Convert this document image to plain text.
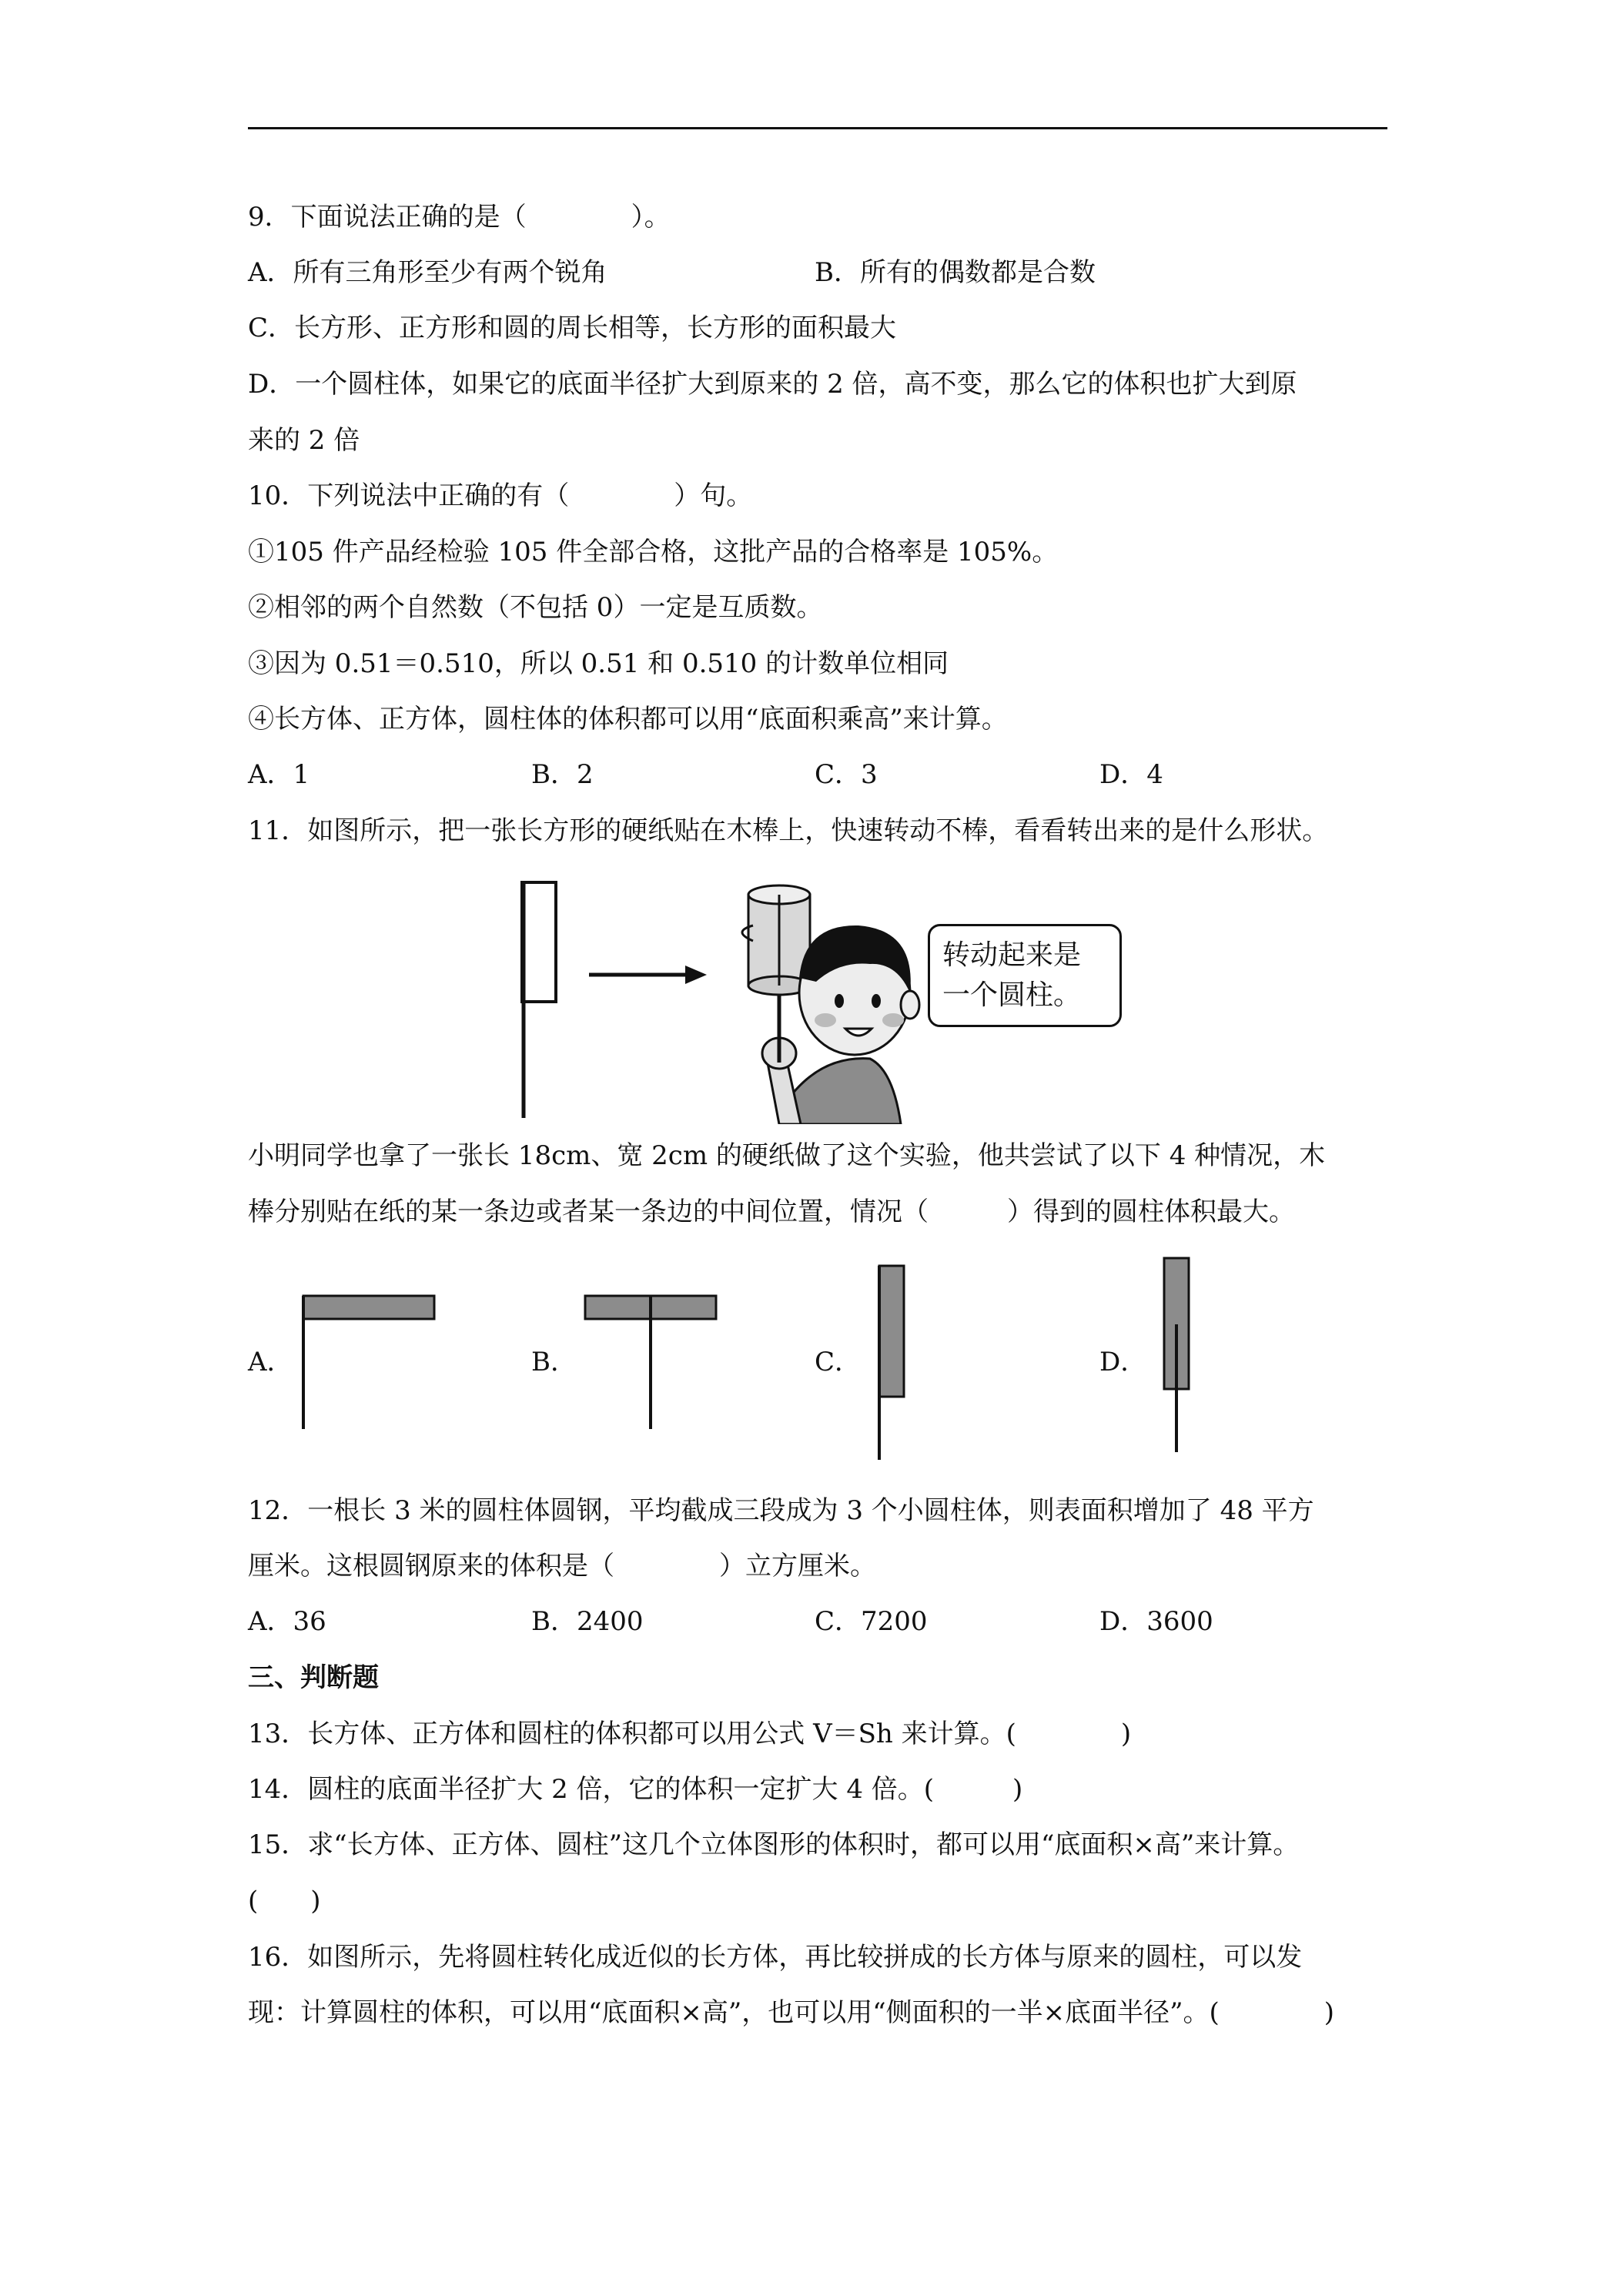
9．下面说法正确的是（　　　　）。
A．所有三角形至少有两个锐角	B．所有的偶数都是合数
C．长方形、正方形和圆的周长相等，长方形的面积最大
D．一个圆柱体，如果它的底面半径扩大到原来的 2 倍，高不变，那么它的体积也扩大到原
来的 2 倍
10．下列说法中正确的有（　　　　）句。
①105 件产品经检验 105 件全部合格，这批产品的合格率是 105%。
②相邻的两个自然数（不包括 0）一定是互质数。
③因为 0.51＝0.510，所以 0.51 和 0.510 的计数单位相同
④长方体、正方体，圆柱体的体积都可以用“底面积乘高”来计算。
A．1	B．2	C．3	D．4
11．如图所示，把一张长方形的硬纸贴在木棒上，快速转动不棒，看看转出来的是什么形状。
转动起来是
一个圆柱。
小明同学也拿了一张长 18cm、宽 2cm 的硬纸做了这个实验，他共尝试了以下 4 种情况，木
棒分别贴在纸的某一条边或者某一条边的中间位置，情况（　　　）得到的圆柱体积最大。
A．	B．	C．	D．
12．一根长 3 米的圆柱体圆钢，平均截成三段成为 3 个小圆柱体，则表面积增加了 48 平方
厘米。这根圆钢原来的体积是（　　　　）立方厘米。
A．36	B．2400	C．7200	D．3600
三、判断题
13．长方体、正方体和圆柱的体积都可以用公式 V＝Sh 来计算。(　　　　)
14．圆柱的底面半径扩大 2 倍，它的体积一定扩大 4 倍。(　　　)
15．求“长方体、正方体、圆柱”这几个立体图形的体积时，都可以用“底面积×高”来计算。
(　　)
16．如图所示，先将圆柱转化成近似的长方体，再比较拼成的长方体与原来的圆柱，可以发
现：计算圆柱的体积，可以用“底面积×高”，也可以用“侧面积的一半×底面半径”。(　　　　)
